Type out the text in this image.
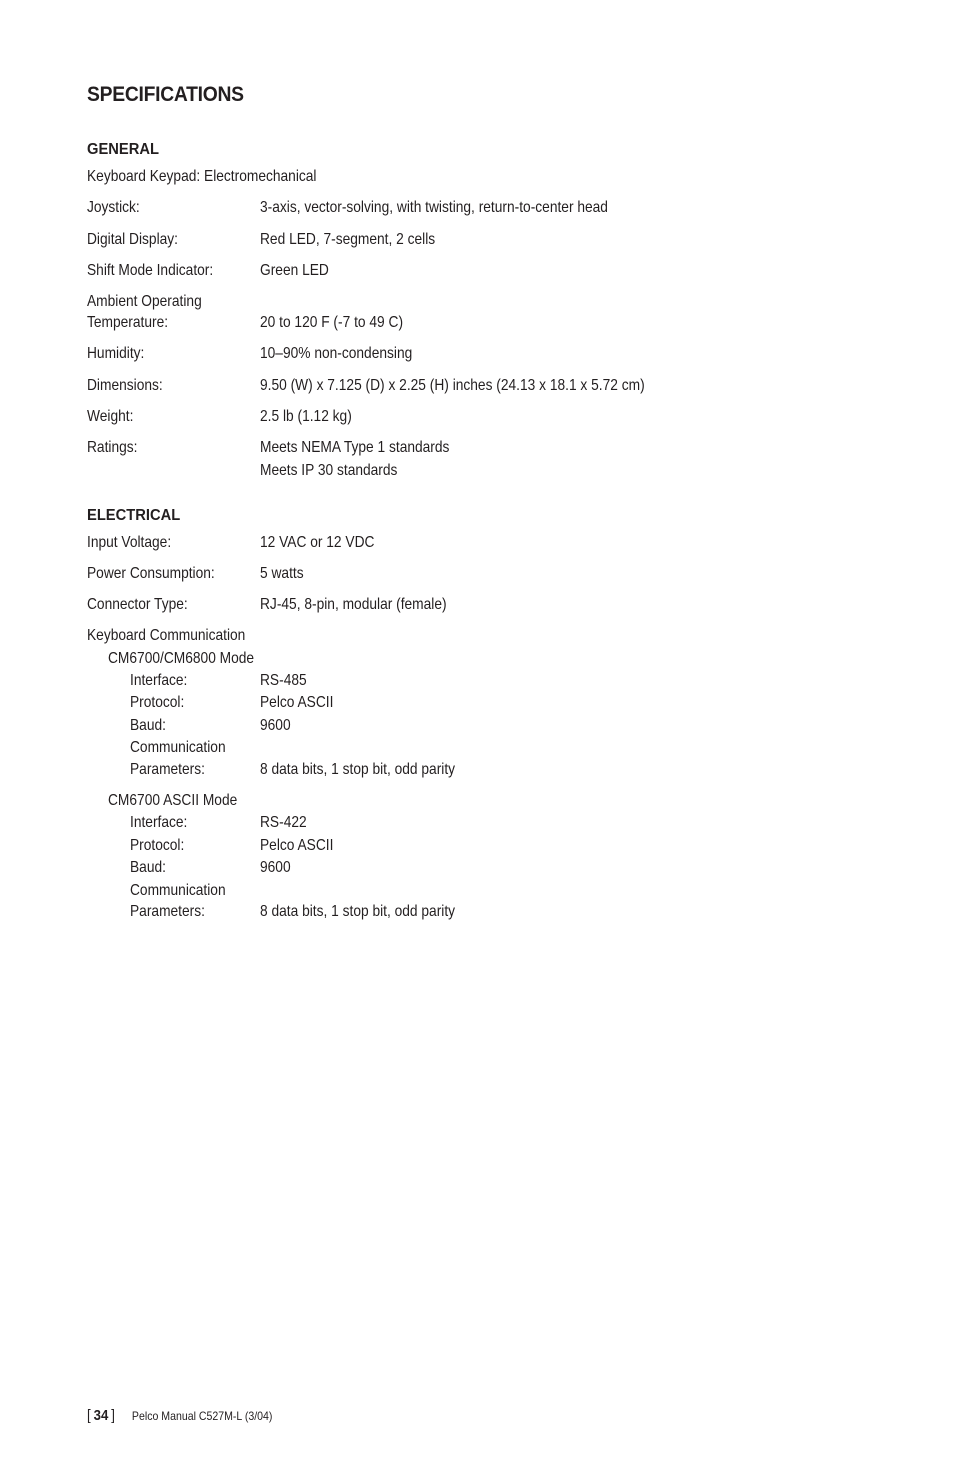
SPECIFICATIONS
GENERAL
Keyboard Keypad: Electromechanical
Joystick:	3-axis, vector-solving, with twisting, return-to-center head
Digital Display:	Red LED, 7-segment, 2 cells
Shift Mode Indicator:	Green LED
Ambient Operating
Temperature:	20 to 120 F (-7 to 49 C)
Humidity:	10–90% non-condensing
Dimensions:	9.50 (W) x 7.125 (D) x 2.25 (H) inches (24.13 x 18.1 x 5.72 cm)
Weight:	2.5 lb (1.12 kg)
Ratings:	Meets NEMA Type 1 standards
Meets IP 30 standards
ELECTRICAL
Input Voltage:	12 VAC or 12 VDC
Power Consumption:	5 watts
Connector Type:	RJ-45, 8-pin, modular (female)
Keyboard Communication
CM6700/CM6800 Mode
Interface:	RS-485
Protocol:	Pelco ASCII
Baud:	9600
Communication
Parameters:	8 data bits, 1 stop bit, odd parity
CM6700 ASCII Mode
Interface:	RS-422
Protocol:	Pelco ASCII
Baud:	9600
Communication
Parameters:	8 data bits, 1 stop bit, odd parity
[ 34 ] Pelco Manual C527M-L (3/04)
